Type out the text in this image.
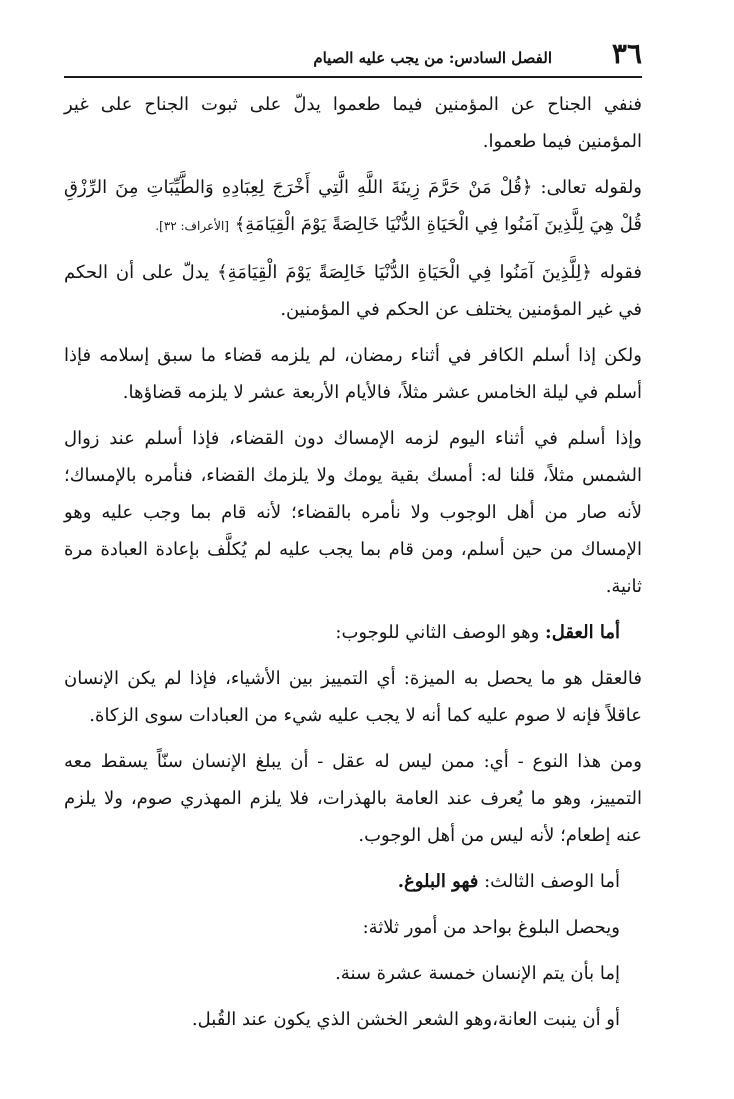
٣٦
الفصل السادس: من يجب عليه الصيام

فنفي الجناح عن المؤمنين فيما طعموا يدلّ على ثبوت الجناح على غير المؤمنين فيما طعموا.

ولقوله تعالى: ﴿قُلْ مَنْ حَرَّمَ زِينَةَ اللَّهِ الَّتِي أَخْرَجَ لِعِبَادِهِ وَالطَّيِّبَاتِ مِنَ الرِّزْقِ قُلْ هِيَ لِلَّذِينَ آمَنُوا فِي الْحَيَاةِ الدُّنْيَا خَالِصَةً يَوْمَ الْقِيَامَةِ﴾ [الأعراف: ٣٢].

فقوله ﴿لِلَّذِينَ آمَنُوا فِي الْحَيَاةِ الدُّنْيَا خَالِصَةً يَوْمَ الْقِيَامَةِ﴾ يدلّ على أن الحكم في غير المؤمنين يختلف عن الحكم في المؤمنين.

ولكن إذا أسلم الكافر في أثناء رمضان، لم يلزمه قضاء ما سبق إسلامه فإذا أسلم في ليلة الخامس عشر مثلاً، فالأيام الأربعة عشر لا يلزمه قضاؤها.

وإذا أسلم في أثناء اليوم لزمه الإمساك دون القضاء، فإذا أسلم عند زوال الشمس مثلاً، قلنا له: أمسك بقية يومك ولا يلزمك القضاء، فنأمره بالإمساك؛ لأنه صار من أهل الوجوب ولا نأمره بالقضاء؛ لأنه قام بما وجب عليه وهو الإمساك من حين أسلم، ومن قام بما يجب عليه لم يُكلَّف بإعادة العبادة مرة ثانية.

أما العقل: وهو الوصف الثاني للوجوب:

فالعقل هو ما يحصل به الميزة: أي التمييز بين الأشياء، فإذا لم يكن الإنسان عاقلاً فإنه لا صوم عليه كما أنه لا يجب عليه شيء من العبادات سوى الزكاة.

ومن هذا النوع - أي: ممن ليس له عقل - أن يبلغ الإنسان سنّاً يسقط معه التمييز، وهو ما يُعرف عند العامة بالهذرات، فلا يلزم المهذري صوم، ولا يلزم عنه إطعام؛ لأنه ليس من أهل الوجوب.

أما الوصف الثالث: فهو البلوغ.

ويحصل البلوغ بواحد من أمور ثلاثة:

إما بأن يتم الإنسان خمسة عشرة سنة.

أو أن ينبت العانة،وهو الشعر الخشن الذي يكون عند القُبل.
